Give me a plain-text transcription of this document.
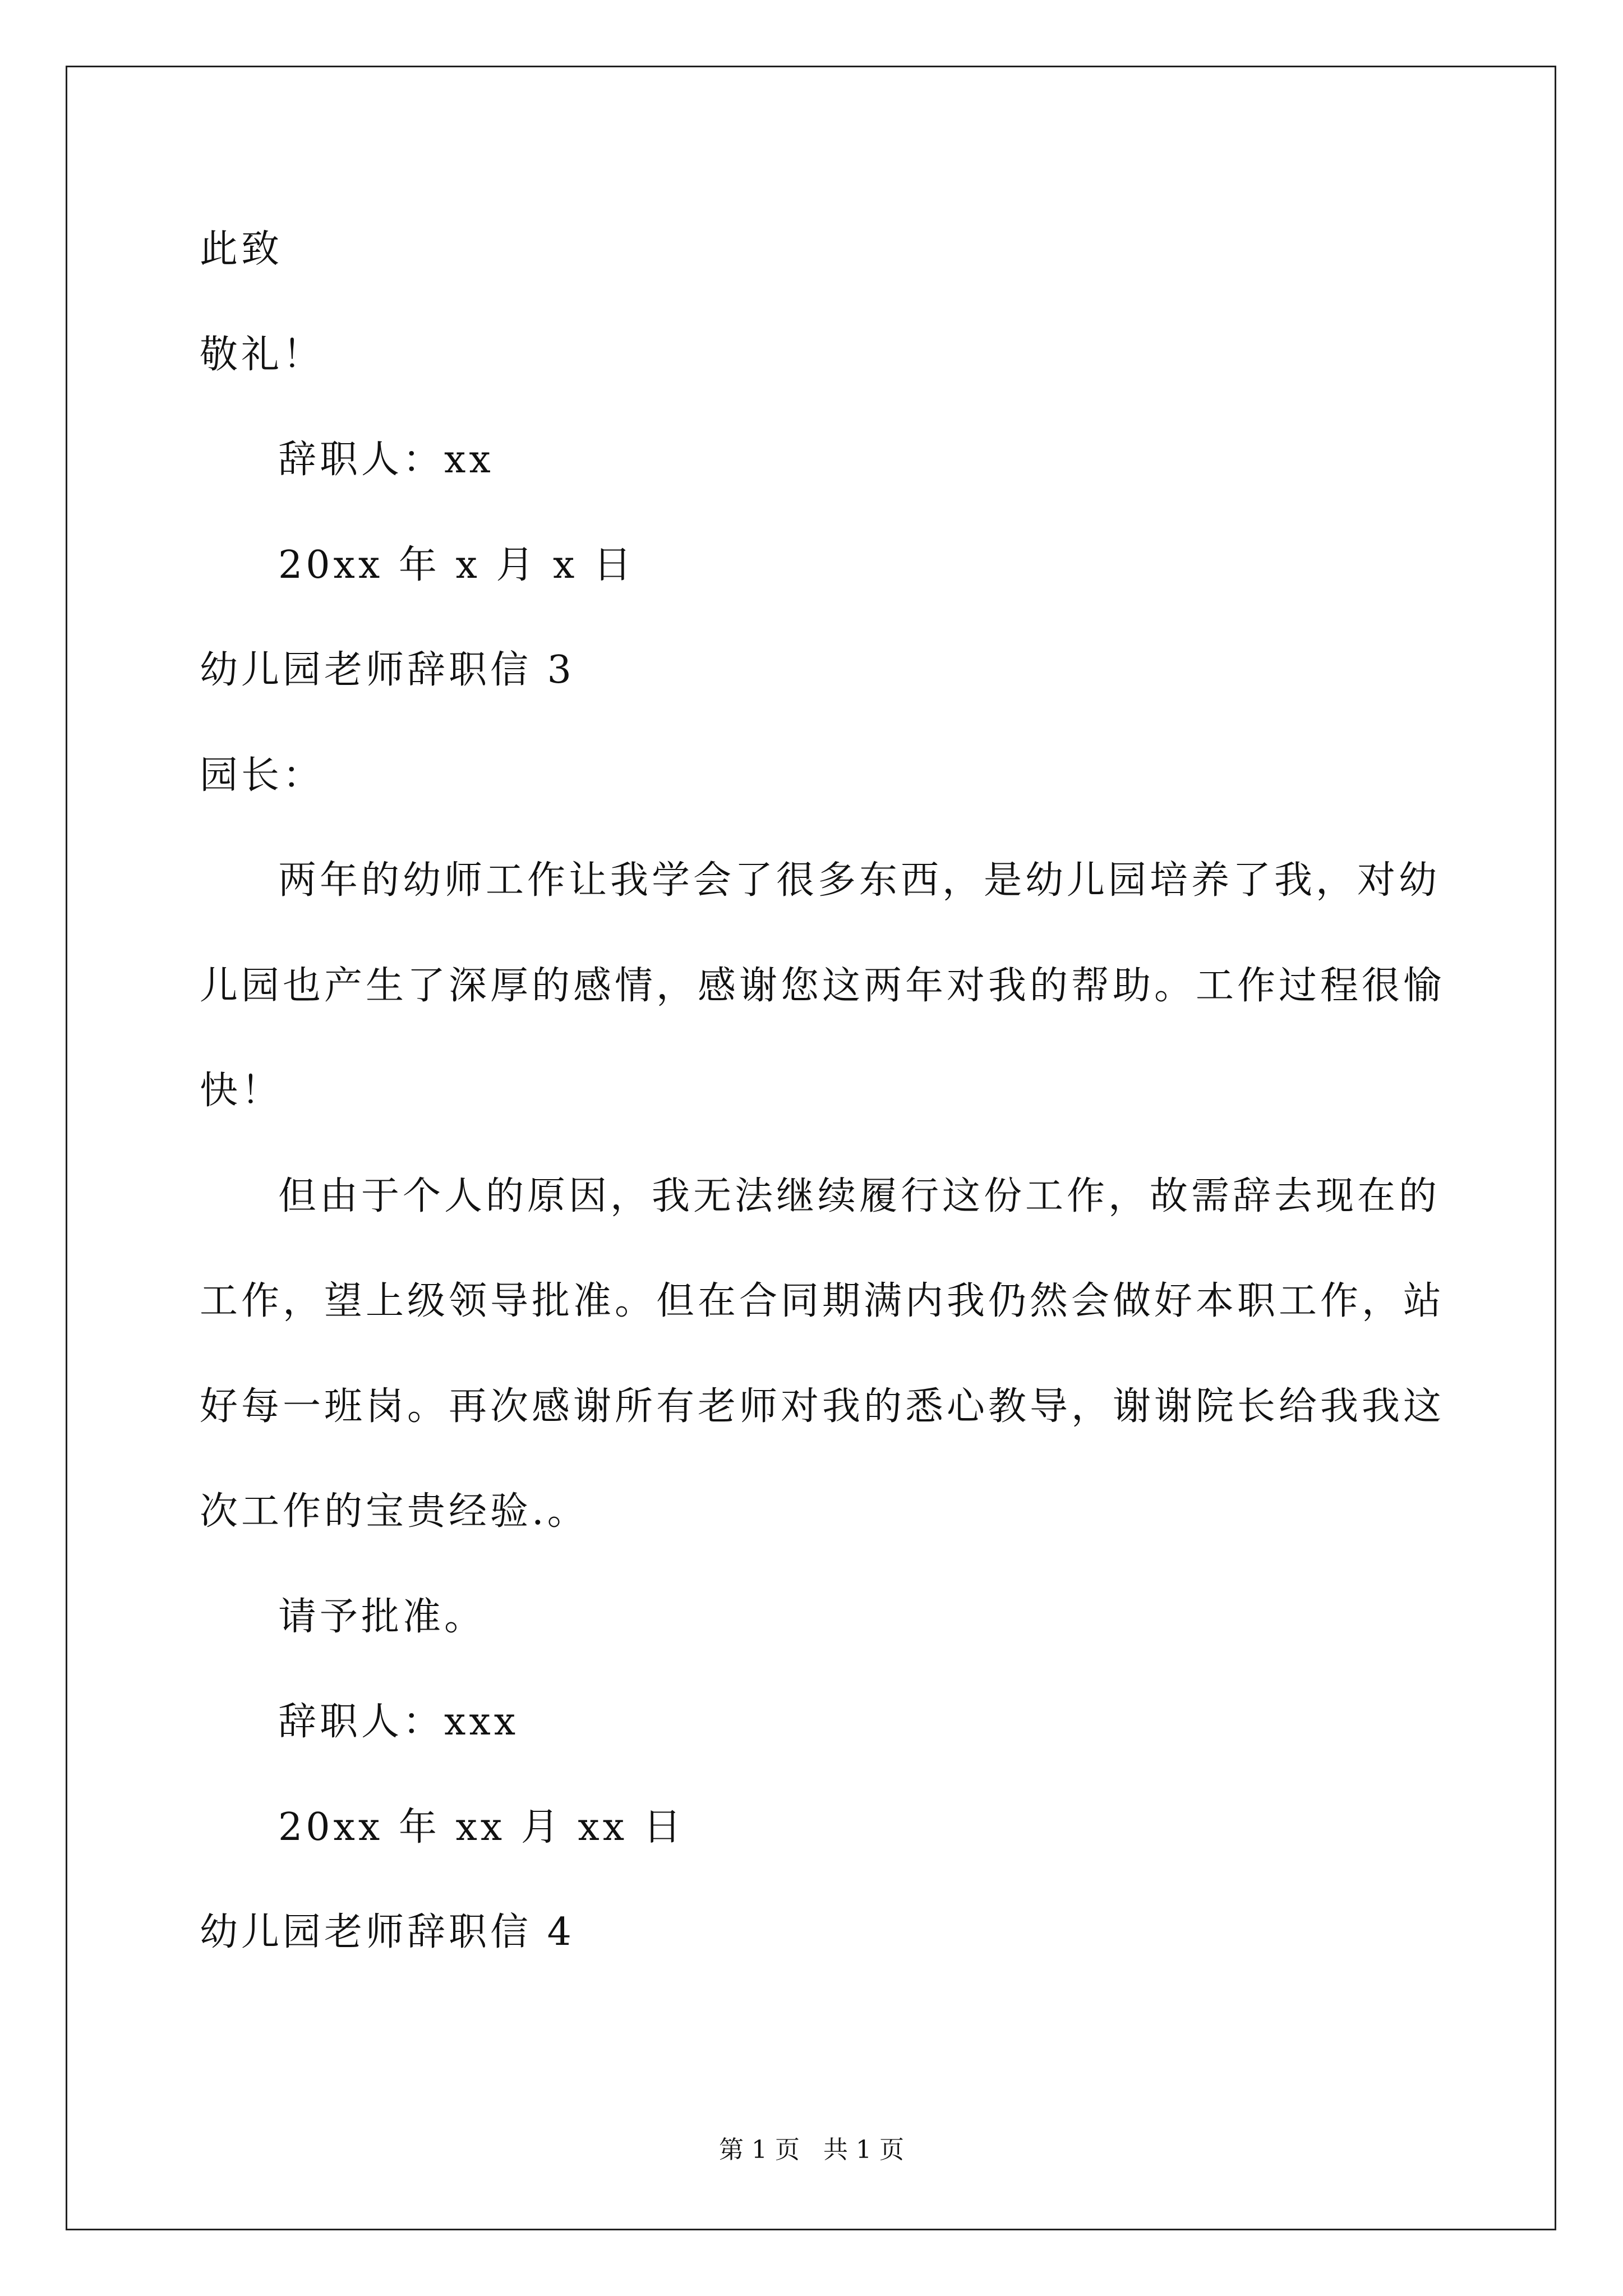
此致
敬礼！
辞职人：xx
20xx 年 x 月 x 日
幼儿园老师辞职信 3
园长：
两年的幼师工作让我学会了很多东西，是幼儿园培养了我，对幼
儿园也产生了深厚的感情，感谢您这两年对我的帮助。工作过程很愉
快！
但由于个人的原因，我无法继续履行这份工作，故需辞去现在的
工作，望上级领导批准。但在合同期满内我仍然会做好本职工作，站
好每一班岗。再次感谢所有老师对我的悉心教导，谢谢院长给我我这
次工作的宝贵经验.。
请予批准。
辞职人：xxx
20xx 年 xx 月 xx 日
幼儿园老师辞职信 4
第 1 页   共 1 页
